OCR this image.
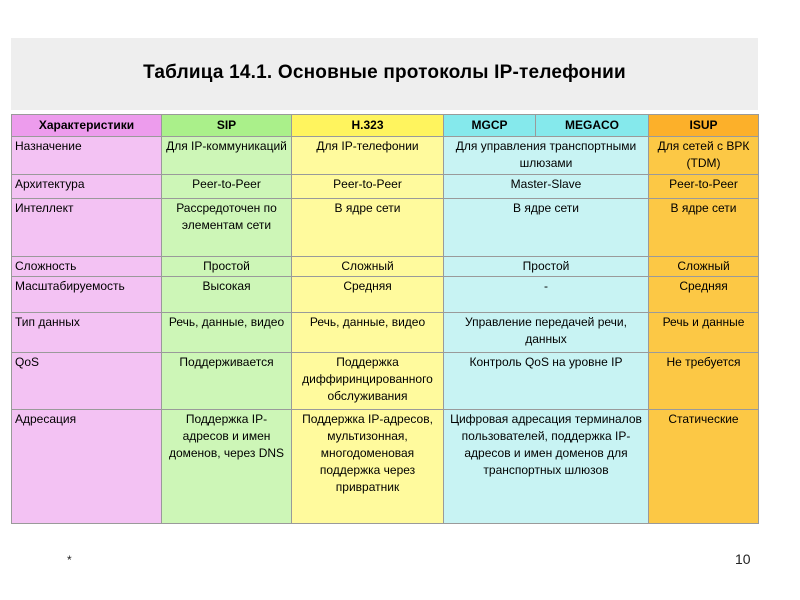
Таблица 14.1. Основные протоколы IP-телефонии
Характеристики	SIP	H.323	MGCP	MEGACO	ISUP
Назначение	Для IP-коммуникаций	Для IP-телефонии	Для управления транспортными шлюзами		Для сетей с ВРК (TDM)
Архитектура	Peer-to-Peer	Peer-to-Peer	Master-Slave		Peer-to-Peer
Интеллект	Рассредоточен по элементам сети	В ядре сети	В ядре сети		В ядре сети
Сложность	Простой	Сложный	Простой		Сложный
Масштабируемость	Высокая	Средняя	-		Средняя
Тип данных	Речь, данные, видео	Речь, данные, видео	Управление передачей речи, данных		Речь и данные
QoS	Поддерживается	Поддержка диффиринцированного обслуживания	Контроль QoS на уровне IP		Не требуется
Адресация	Поддержка IP-адресов и имен доменов, через DNS	Поддержка IP-адресов, мультизонная, многодоменовая поддержка через привратник	Цифровая адресация терминалов пользователей, поддержка IP-адресов и имен доменов для транспортных шлюзов		Статические
*	10
